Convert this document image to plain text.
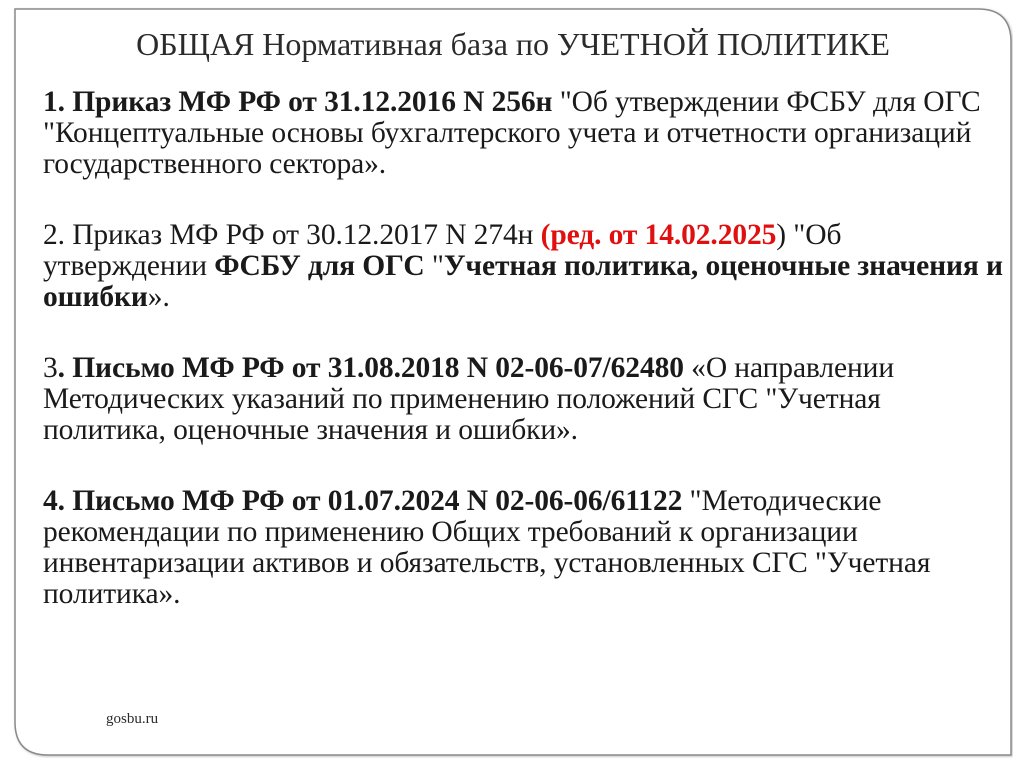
ОБЩАЯ Нормативная база по УЧЕТНОЙ ПОЛИТИКЕ

1. Приказ МФ РФ от 31.12.2016 N 256н "Об утверждении ФСБУ для ОГС "Концептуальные основы бухгалтерского учета и отчетности организаций государственного сектора».

2. Приказ МФ РФ от 30.12.2017 N 274н (ред. от 14.02.2025) "Об утверждении ФСБУ для ОГС "Учетная политика, оценочные значения и ошибки».

3. Письмо МФ РФ от 31.08.2018 N 02-06-07/62480 «О направлении Методических указаний по применению положений СГС "Учетная политика, оценочные значения и ошибки».

4. Письмо МФ РФ от 01.07.2024 N 02-06-06/61122 "Методические рекомендации по применению Общих требований к организации инвентаризации активов и обязательств, установленных СГС "Учетная политика».

gosbu.ru
